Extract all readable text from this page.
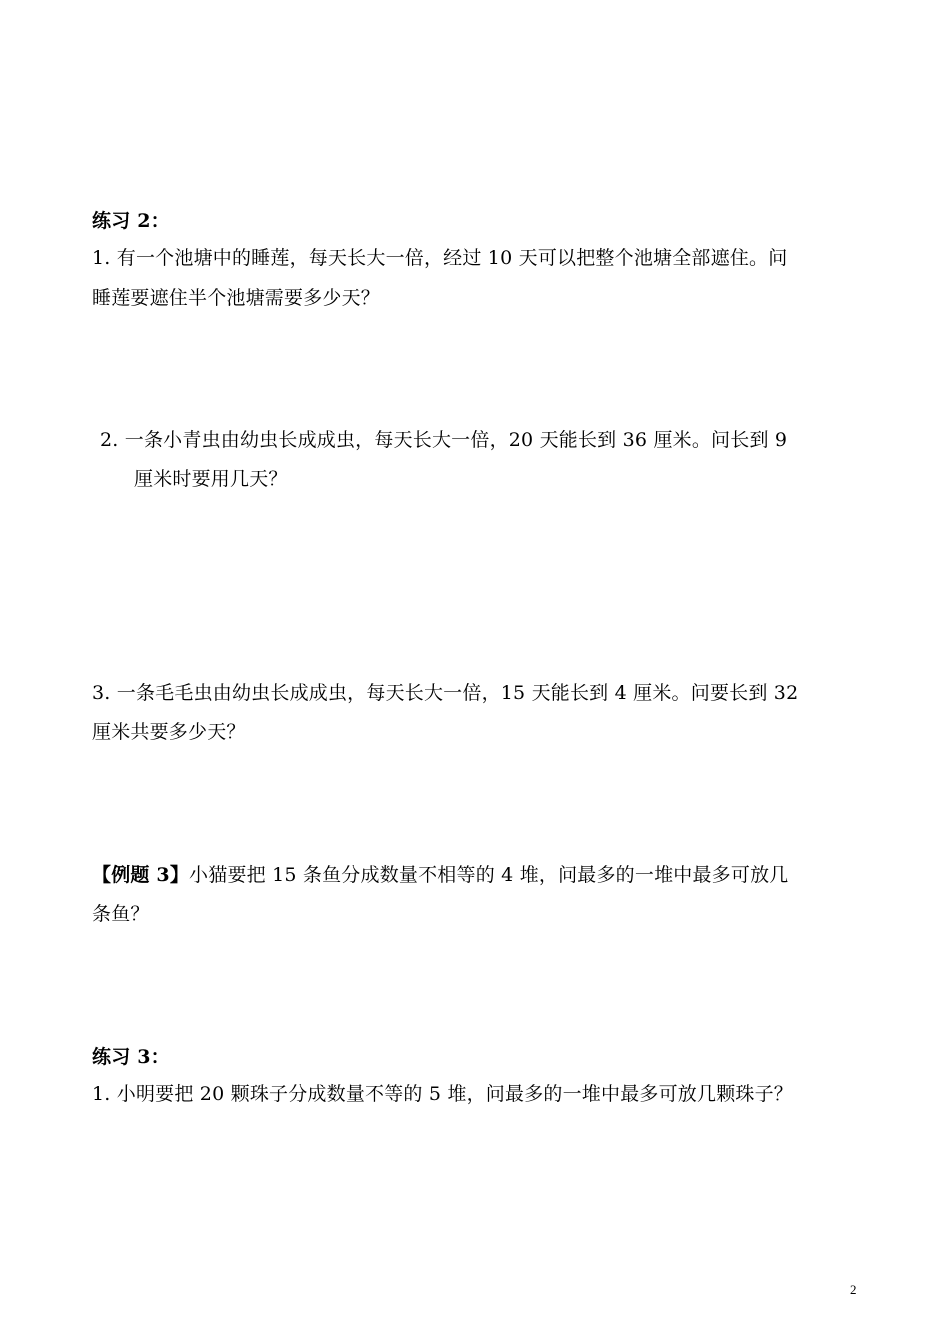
练习 2：
1. 有一个池塘中的睡莲，每天长大一倍，经过 10 天可以把整个池塘全部遮住。问
睡莲要遮住半个池塘需要多少天？
2. 一条小青虫由幼虫长成成虫，每天长大一倍，20 天能长到 36 厘米。问长到 9
厘米时要用几天？
3. 一条毛毛虫由幼虫长成成虫，每天长大一倍，15 天能长到 4 厘米。问要长到 32
厘米共要多少天？
【例题 3】小猫要把 15 条鱼分成数量不相等的 4 堆，问最多的一堆中最多可放几
条鱼？
练习 3：
1. 小明要把 20 颗珠子分成数量不等的 5 堆，问最多的一堆中最多可放几颗珠子？
2
